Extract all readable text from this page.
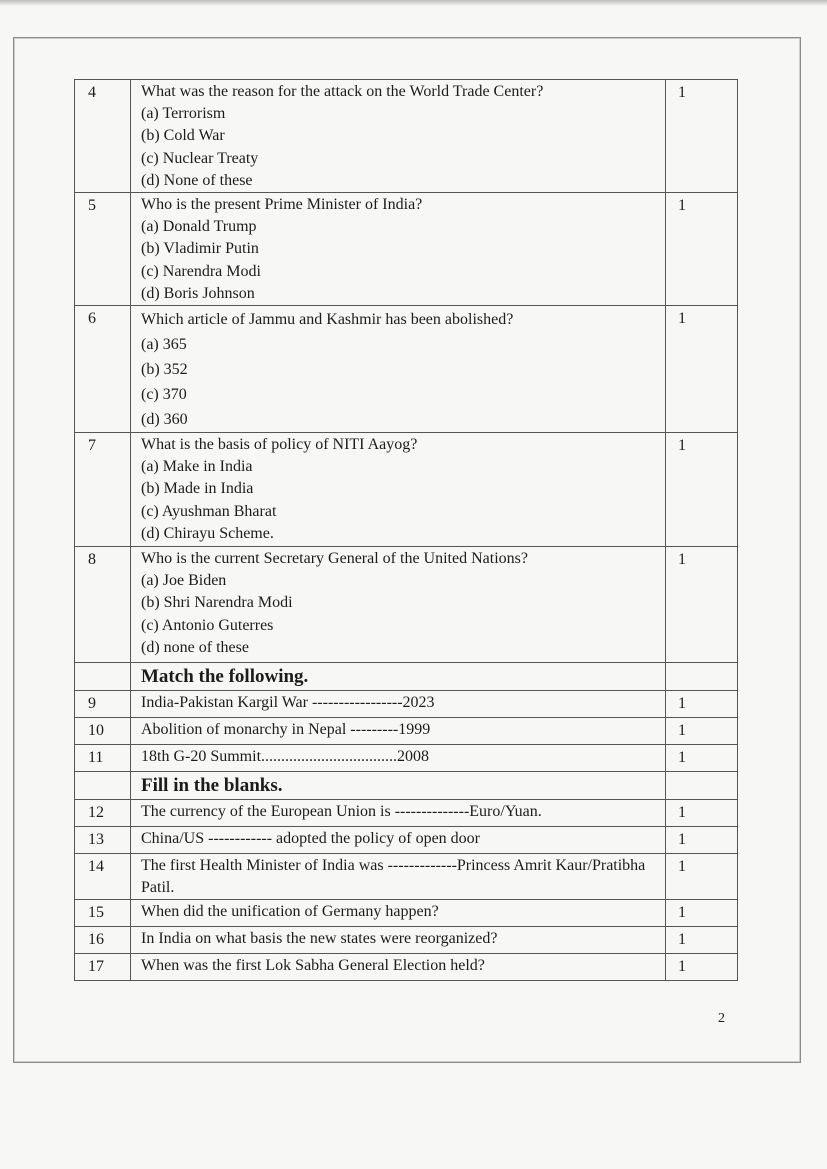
4	What was the reason for the attack on the World Trade Center?
(a) Terrorism
(b) Cold War
(c) Nuclear Treaty
(d) None of these	1
5	Who is the present Prime Minister of India?
(a) Donald Trump
(b) Vladimir Putin
(c) Narendra Modi
(d) Boris Johnson	1
6	Which article of Jammu and Kashmir has been abolished?
(a) 365
(b) 352
(c) 370
(d) 360	1
7	What is the basis of policy of NITI Aayog?
(a) Make in India
(b) Made in India
(c) Ayushman Bharat
(d) Chirayu Scheme.	1
8	Who is the current Secretary General of the United Nations?
(a) Joe Biden
(b) Shri Narendra Modi
(c) Antonio Guterres
(d) none of these	1
	Match the following.	
9	India-Pakistan Kargil War -----------------2023	1
10	Abolition of monarchy in Nepal ---------1999	1
11	18th G-20 Summit..................................2008	1
	Fill in the blanks.	
12	The currency of the European Union is --------------Euro/Yuan.	1
13	China/US ------------ adopted the policy of open door	1
14	The first Health Minister of India was -------------Princess Amrit Kaur/Pratibha Patil.	1
15	When did the unification of Germany happen?	1
16	In India on what basis the new states were reorganized?	1
17	When was the first Lok Sabha General Election held?	1
2
